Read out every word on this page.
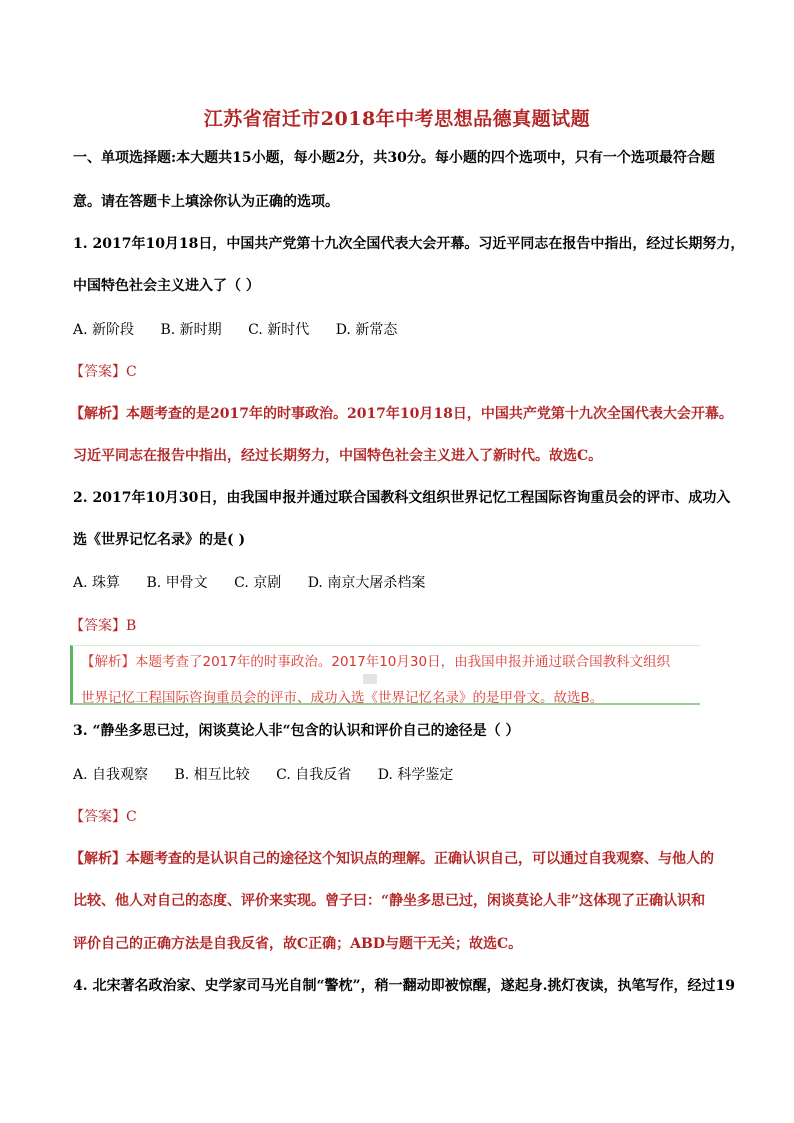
江苏省宿迁市2018年中考思想品德真题试题
一、单项选择题:本大题共15小题，每小题2分，共30分。每小题的四个选项中，只有一个选项最符合题
意。请在答题卡上填涂你认为正确的选项。
1. 2017年10月18日，中国共产党第十九次全国代表大会开幕。习近平同志在报告中指出，经过长期努力，
中国特色社会主义进入了（ ）
A. 新阶段 B. 新时期 C. 新时代 D. 新常态
【答案】C
【解析】本题考查的是2017年的时事政治。2017年10月18日，中国共产党第十九次全国代表大会开幕。
习近平同志在报告中指出，经过长期努力，中国特色社会主义进入了新时代。故选C。
2. 2017年10月30日，由我国申报并通过联合国教科文组织世界记忆工程国际咨询重员会的评市、成功入
选《世界记忆名录》的是( )
A. 珠算 B. 甲骨文 C. 京剧 D. 南京大屠杀档案
【答案】B
【解析】本题考查了2017年的时事政治。2017年10月30日，由我国申报并通过联合国教科文组织
世界记忆工程国际咨询重员会的评市、成功入选《世界记忆名录》的是甲骨文。故选B。
3. “静坐多思已过，闲谈莫论人非“包含的认识和评价自己的途径是（ ）
A. 自我观察 B. 相互比较 C. 自我反省 D. 科学鉴定
【答案】C
【解析】本题考查的是认识自己的途径这个知识点的理解。正确认识自己，可以通过自我观察、与他人的
比较、他人对自己的态度、评价来实现。曾子曰：“静坐多思已过，闲谈莫论人非”这体现了正确认识和
评价自己的正确方法是自我反省，故C正确；ABD与题干无关；故选C。
4. 北宋著名政治家、史学家司马光自制“警枕”，稍一翻动即被惊醒，遂起身.挑灯夜读，执笔写作，经过19
